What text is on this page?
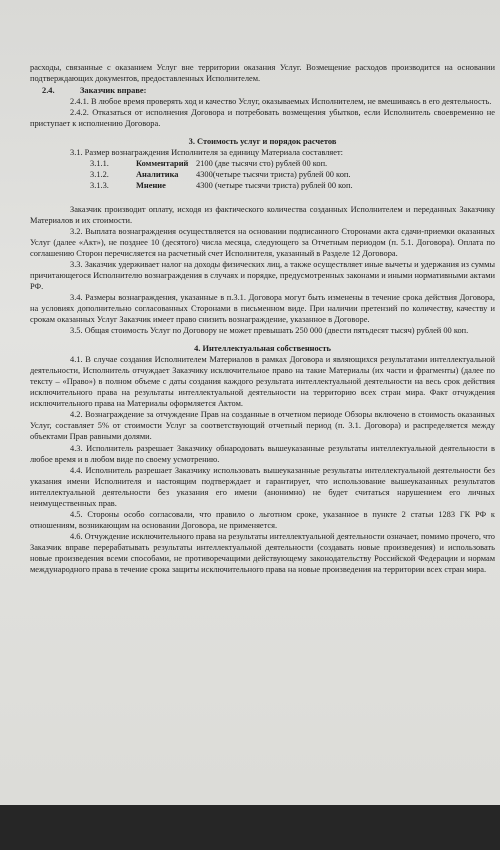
расходы, связанные с оказанием Услуг вне территории оказания Услуг. Возмещение расходов производится на основании подтверждающих документов, предоставленных Исполнителем.

2.4.	Заказчик вправе:

2.4.1. В любое время проверять ход и качество Услуг, оказываемых Исполнителем, не вмешиваясь в его деятельность.

2.4.2. Отказаться от исполнения Договора и потребовать возмещения убытков, если Исполнитель своевременно не приступает к исполнению Договора.

3. Стоимость услуг и порядок расчетов

3.1. Размер вознаграждения Исполнителя за единицу Материала составляет:

3.1.1.	Комментарий 2100 (две тысячи сто) рублей 00 коп.
3.1.2.	Аналитика 4300(четыре тысячи триста) рублей 00 коп.
3.1.3.	Мнение	4300 (четыре тысячи триста) рублей 00 коп.

Заказчик производит оплату, исходя из фактического количества созданных Исполнителем и переданных Заказчику Материалов и их стоимости.

3.2. Выплата вознаграждения осуществляется на основании подписанного Сторонами акта сдачи-приемки оказанных Услуг (далее «Акт»), не позднее 10 (десятого) числа месяца, следующего за Отчетным периодом (п. 5.1. Договора). Оплата по соглашению Сторон перечисляется на расчетный счет Исполнителя, указанный в Разделе 12 Договора.

3.3. Заказчик удерживает налог на доходы физических лиц, а также осуществляет иные вычеты и удержания из суммы причитающегося Исполнителю вознаграждения в случаях и порядке, предусмотренных законами и иными нормативными актами РФ.

3.4. Размеры вознаграждения, указанные в п.3.1. Договора могут быть изменены в течение срока действия Договора, на условиях дополнительно согласованных Сторонами в письменном виде. При наличии претензий по количеству, качеству и срокам оказанных Услуг Заказчик имеет право снизить вознаграждение, указанное в Договоре.

3.5. Общая стоимость Услуг по Договору не может превышать 250 000 (двести пятьдесят тысяч) рублей 00 коп.

4. Интеллектуальная собственность

4.1. В случае создания Исполнителем Материалов в рамках Договора и являющихся результатами интеллектуальной деятельности, Исполнитель отчуждает Заказчику исключительное право на такие Материалы (их части и фрагменты) (далее по тексту – «Право») в полном объеме с даты создания каждого результата интеллектуальной деятельности на весь срок действия исключительного права на результаты интеллектуальной деятельности на территорию всех стран мира. Факт отчуждения исключительного права на Материалы оформляется Актом.

4.2. Вознаграждение за отчуждение Прав на созданные в отчетном периоде Обзоры включено в стоимость оказанных Услуг, составляет 5% от стоимости Услуг за соответствующий отчетный период (п. 3.1. Договора) и распределяется между объектами Прав равными долями.

4.3. Исполнитель разрешает Заказчику обнародовать вышеуказанные результаты интеллектуальной деятельности в любое время и в любом виде по своему усмотрению.

4.4. Исполнитель разрешает Заказчику использовать вышеуказанные результаты интеллектуальной деятельности без указания имени Исполнителя и настоящим подтверждает и гарантирует, что использование вышеуказанных результатов интеллектуальной деятельности без указания его имени (анонимно) не будет считаться нарушением его личных неимущественных прав.

4.5. Стороны особо согласовали, что правило о льготном сроке, указанное в пункте 2 статьи 1283 ГК РФ к отношениям, возникающим на основании Договора, не применяется.

4.6. Отчуждение исключительного права на результаты интеллектуальной деятельности означает, помимо прочего, что Заказчик вправе перерабатывать результаты интеллектуальной деятельности (создавать новые произведения) и использовать новые произведения всеми способами, не противоречащими действующему законодательству Российской Федерации и нормам международного права в течение срока защиты исключительного права на новые произведения на территории всех стран мира.
